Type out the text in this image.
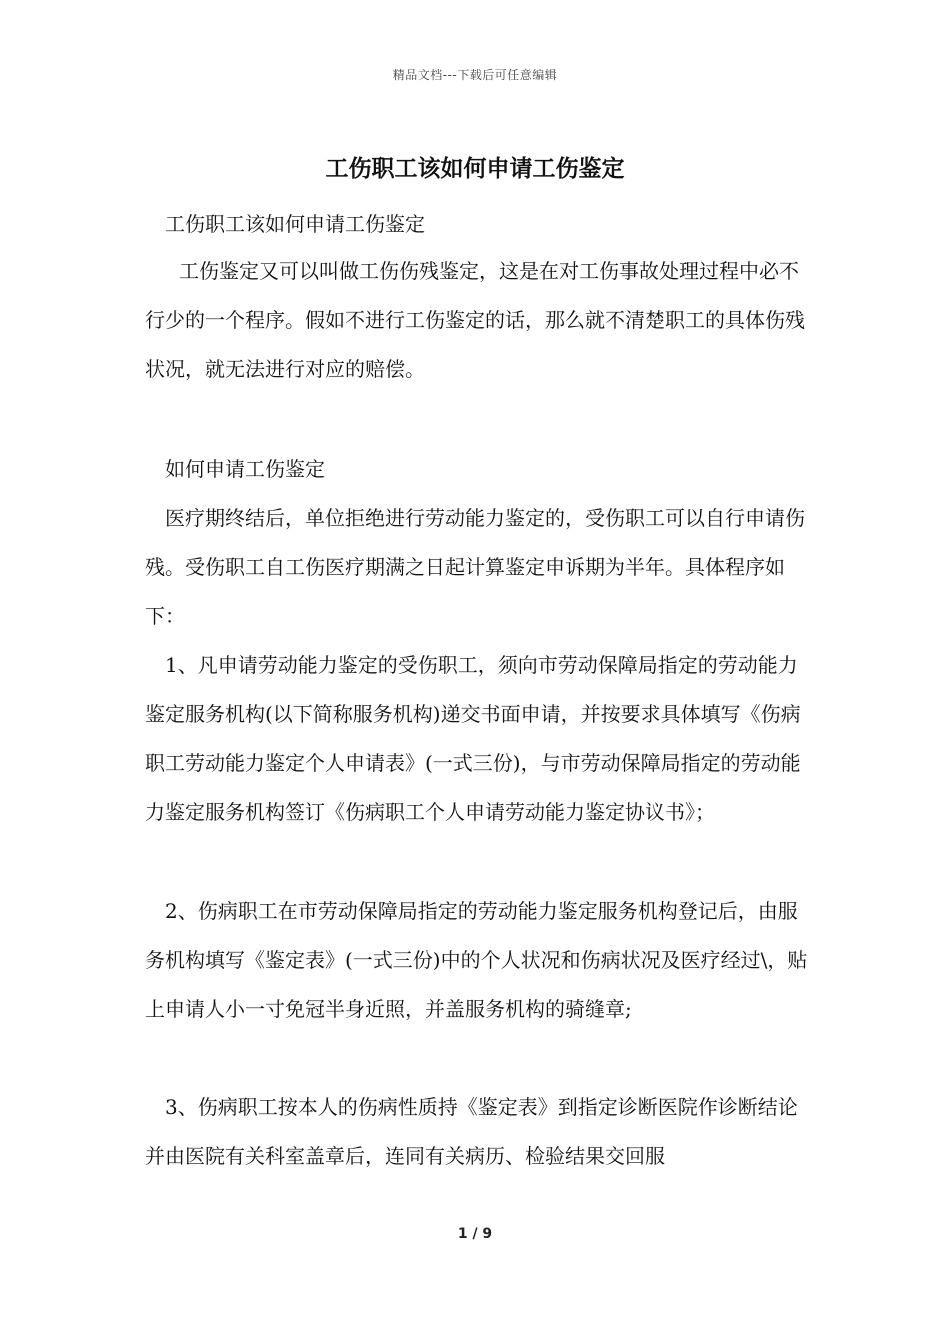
精品文档---下载后可任意编辑
工伤职工该如何申请工伤鉴定

工伤职工该如何申请工伤鉴定

工伤鉴定又可以叫做工伤伤残鉴定，这是在对工伤事故处理过程中必不行少的一个程序。假如不进行工伤鉴定的话，那么就不清楚职工的具体伤残状况，就无法进行对应的赔偿。

如何申请工伤鉴定

医疗期终结后，单位拒绝进行劳动能力鉴定的，受伤职工可以自行申请伤残。受伤职工自工伤医疗期满之日起计算鉴定申诉期为半年。具体程序如下：

1、凡申请劳动能力鉴定的受伤职工，须向市劳动保障局指定的劳动能力鉴定服务机构(以下简称服务机构)递交书面申请，并按要求具体填写《伤病职工劳动能力鉴定个人申请表》(一式三份)，与市劳动保障局指定的劳动能力鉴定服务机构签订《伤病职工个人申请劳动能力鉴定协议书》；

2、伤病职工在市劳动保障局指定的劳动能力鉴定服务机构登记后，由服务机构填写《鉴定表》(一式三份)中的个人状况和伤病状况及医疗经过\，贴上申请人小一寸免冠半身近照，并盖服务机构的骑缝章;

3、伤病职工按本人的伤病性质持《鉴定表》到指定诊断医院作诊断结论并由医院有关科室盖章后，连同有关病历、检验结果交回服

1 / 9
